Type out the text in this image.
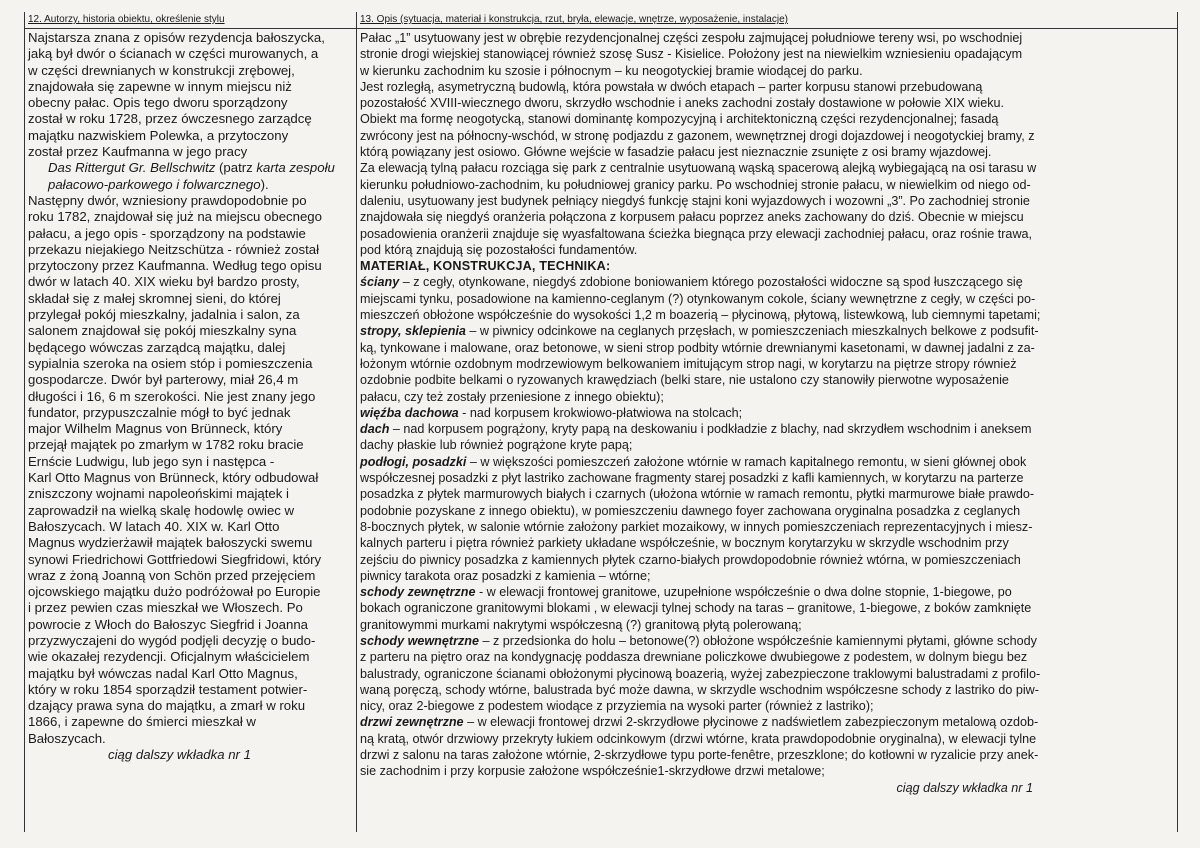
12. Autorzy, historia obiektu, określenie stylu

Najstarsza znana z opisów rezydencja bałoszycka,

jaką był dwór o ścianach w części murowanych, a

w części drewnianych w konstrukcji zrębowej,

znajdowała się zapewne w innym miejscu niż

obecny pałac. Opis tego dworu sporządzony

został w roku 1728, przez ówczesnego zarządcę

majątku nazwiskiem Polewka, a przytoczony

został przez Kaufmanna w jego pracy

Das Rittergut Gr. Bellschwitz (patrz karta zespołu pałacowo-parkowego i folwarcznego).

Następny dwór, wzniesiony prawdopodobnie po

roku 1782, znajdował się już na miejscu obecnego

pałacu, a jego opis - sporządzony na podstawie

przekazu niejakiego Neitzschütza - również został

przytoczony przez Kaufmanna. Według tego opisu

dwór w latach 40. XIX wieku był bardzo prosty,

składał się z małej skromnej sieni, do której

przylegał pokój mieszkalny, jadalnia i salon, za

salonem znajdował się pokój mieszkalny syna

będącego wówczas zarządcą majątku, dalej

sypialnia szeroka na osiem stóp i pomieszczenia

gospodarcze. Dwór był parterowy, miał 26,4 m

długości i 16, 6 m szerokości. Nie jest znany jego

fundator, przypuszczalnie mógł to być jednak

major Wilhelm Magnus von Brünneck, który

przejął majątek po zmarłym w 1782 roku bracie

Ernście Ludwigu, lub jego syn i następca -

Karl Otto Magnus von Brünneck, który odbudował

zniszczony wojnami napoleońskimi majątek i

zaprowadził na wielką skalę hodowlę owiec w

Bałoszycach. W latach 40. XIX w. Karl Otto

Magnus wydzierżawił majątek bałoszycki swemu

synowi Friedrichowi Gottfriedowi Siegfridowi, który

wraz z żoną Joanną von Schön przed przejęciem

ojcowskiego majątku dużo podróżował po Europie

i przez pewien czas mieszkał we Włoszech. Po

powrocie z Włoch do Bałoszyc Siegfrid i Joanna

przyzwyczajeni do wygód podjęli decyzję o budo-

wie okazałej rezydencji. Oficjalnym właścicielem

majątku był wówczas nadal Karl Otto Magnus,

który w roku 1854 sporządził testament potwier-

dzający prawa syna do majątku, a zmarł w roku

1866, i zapewne do śmierci mieszkał w

Bałoszycach.

ciąg dalszy wkładka nr 1

13. Opis (sytuacja, materiał i konstrukcja, rzut, bryła, elewacje, wnętrze, wyposażenie, instalacje)

Pałac „1” usytuowany jest w obrębie rezydencjonalnej części zespołu zajmującej południowe tereny wsi, po wschodniej

stronie drogi wiejskiej stanowiącej również szosę Susz - Kisielice. Położony jest na niewielkim wzniesieniu opadającym

w kierunku zachodnim ku szosie i północnym – ku neogotyckiej bramie wiodącej do parku.

Jest rozległą, asymetryczną budowlą, która powstała w dwóch etapach – parter korpusu stanowi przebudowaną

pozostałość XVIII-wiecznego dworu, skrzydło wschodnie i aneks zachodni zostały dostawione w połowie XIX wieku.

Obiekt ma formę neogotycką, stanowi dominantę kompozycyjną i architektoniczną części rezydencjonalnej; fasadą

zwrócony jest na północny-wschód, w stronę podjazdu z gazonem, wewnętrznej drogi dojazdowej i neogotyckiej bramy, z

którą powiązany jest osiowo. Główne wejście w fasadzie pałacu jest nieznacznie zsunięte z osi bramy wjazdowej.

Za elewacją tylną pałacu rozciąga się park z centralnie usytuowaną wąską spacerową alejką wybiegającą na osi tarasu w

kierunku południowo-zachodnim, ku południowej granicy parku. Po wschodniej stronie pałacu, w niewielkim od niego od-

daleniu, usytuowany jest budynek pełniący niegdyś funkcję stajni koni wyjazdowych i wozowni „3”. Po zachodniej stronie

znajdowała się niegdyś oranżeria połączona z korpusem pałacu poprzez aneks zachowany do dziś. Obecnie w miejscu

posadowienia oranżerii znajduje się wyasfaltowana ścieżka biegnąca przy elewacji zachodniej pałacu, oraz rośnie trawa,

pod którą znajdują się pozostałości fundamentów.

MATERIAŁ, KONSTRUKCJA, TECHNIKA:

ściany – z cegły, otynkowane, niegdyś zdobione boniowaniem którego pozostałości widoczne są spod łuszczącego się

miejscami tynku, posadowione na kamienno-ceglanym (?) otynkowanym cokole, ściany wewnętrzne z cegły, w części po-

mieszczeń obłożone współcześnie do wysokości 1,2 m boazerią – płycinową, płytową, listewkową, lub ciemnymi tapetami;

stropy, sklepienia – w piwnicy odcinkowe na ceglanych przęsłach, w pomieszczeniach mieszkalnych belkowe z podsufit-

ką, tynkowane i malowane, oraz betonowe, w sieni strop podbity wtórnie drewnianymi kasetonami, w dawnej jadalni z za-

łożonym wtórnie ozdobnym modrzewiowym belkowaniem imitującym strop nagi, w korytarzu na piętrze stropy również

ozdobnie podbite belkami o ryzowanych krawędziach (belki stare, nie ustalono czy stanowiły pierwotne wyposażenie

pałacu, czy też zostały przeniesione z innego obiektu);

więźba dachowa - nad korpusem krokwiowo-płatwiowa na stolcach;

dach – nad korpusem pogrążony, kryty papą na deskowaniu i podkładzie z blachy, nad skrzydłem wschodnim i aneksem

dachy płaskie lub również pogrążone kryte papą;

podłogi, posadzki – w większości pomieszczeń założone wtórnie w ramach kapitalnego remontu, w sieni głównej obok

współczesnej posadzki z płyt lastriko zachowane fragmenty starej posadzki z kafli kamiennych, w korytarzu na parterze

posadzka z płytek marmurowych białych i czarnych (ułożona wtórnie w ramach remontu, płytki marmurowe białe prawdo-

podobnie pozyskane z innego obiektu), w pomieszczeniu dawnego foyer zachowana oryginalna posadzka z ceglanych

8-bocznych płytek, w salonie wtórnie założony parkiet mozaikowy, w innych pomieszczeniach reprezentacyjnych i miesz-

kalnych parteru i piętra również parkiety układane współcześnie, w bocznym korytarzyku w skrzydle wschodnim przy

zejściu do piwnicy posadzka z kamiennych płytek czarno-białych prowdopodobnie również wtórna, w pomieszczeniach

piwnicy tarakota oraz posadzki z kamienia – wtórne;

schody zewnętrzne - w elewacji frontowej granitowe, uzupełnione współcześnie o dwa dolne stopnie, 1-biegowe, po

bokach ograniczone granitowymi blokami , w elewacji tylnej schody na taras – granitowe, 1-biegowe, z boków zamknięte

granitowymmi murkami nakrytymi współczesną (?) granitową płytą polerowaną;

schody wewnętrzne – z przedsionka do holu – betonowe(?) obłożone współcześnie kamiennymi płytami, główne schody

z parteru na piętro oraz na kondygnację poddasza drewniane policzkowe dwubiegowe z podestem, w dolnym biegu bez

balustrady, ograniczone ścianami obłożonymi płycinową boazerią, wyżej zabezpieczone traklowymi balustradami z profilo-

waną poręczą, schody wtórne, balustrada być może dawna, w skrzydle wschodnim współczesne schody z lastriko do piw-

nicy, oraz 2-biegowe z podestem wiodące z przyziemia na wysoki parter (również z lastriko);

drzwi zewnętrzne – w elewacji frontowej drzwi 2-skrzydłowe płycinowe z nadświetlem zabezpieczonym metalową ozdob-

ną kratą, otwór drzwiowy przekryty łukiem odcinkowym (drzwi wtórne, krata prawdopodobnie oryginalna), w elewacji tylne

drzwi z salonu na taras założone wtórnie, 2-skrzydłowe typu porte-fenêtre, przeszklone; do kotłowni w ryzalicie przy anek-

sie zachodnim i przy korpusie założone współcześnie1-skrzydłowe drzwi metalowe;

ciąg dalszy wkładka nr 1
